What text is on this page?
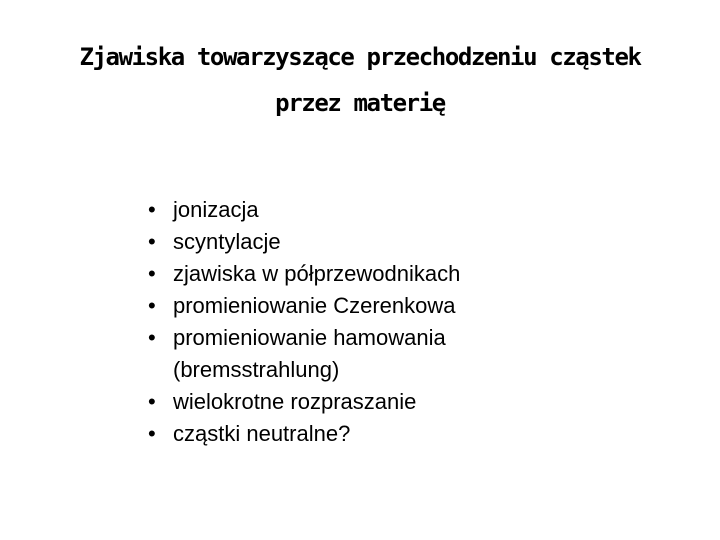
Zjawiska towarzyszące przechodzeniu cząstek
przez materię
• jonizacja
• scyntylacje
• zjawiska w półprzewodnikach
• promieniowanie Czerenkowa
• promieniowanie hamowania
(bremsstrahlung)
• wielokrotne rozpraszanie
• cząstki neutralne?
